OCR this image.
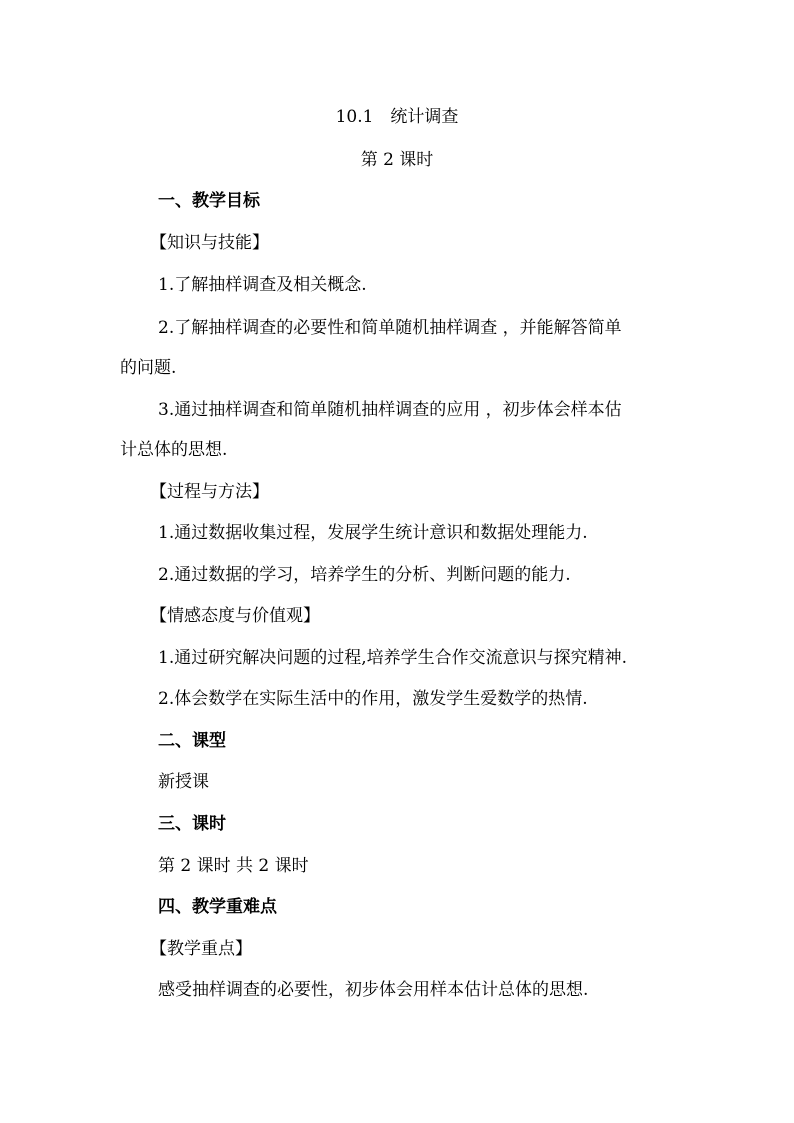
10.1　统计调查
第 2 课时
一、教学目标
【知识与技能】
1.了解抽样调查及相关概念.
2.了解抽样调查的必要性和简单随机抽样调查 ，并能解答简单
的问题.
3.通过抽样调查和简单随机抽样调查的应用 ，初步体会样本估
计总体的思想.
【过程与方法】
1.通过数据收集过程，发展学生统计意识和数据处理能力.
2.通过数据的学习，培养学生的分析、判断问题的能力.
【情感态度与价值观】
1.通过研究解决问题的过程,培养学生合作交流意识与探究精神.
2.体会数学在实际生活中的作用，激发学生爱数学的热情.
二、课型
新授课
三、课时
第 2 课时 共 2 课时
四、教学重难点
【教学重点】
感受抽样调查的必要性，初步体会用样本估计总体的思想.
